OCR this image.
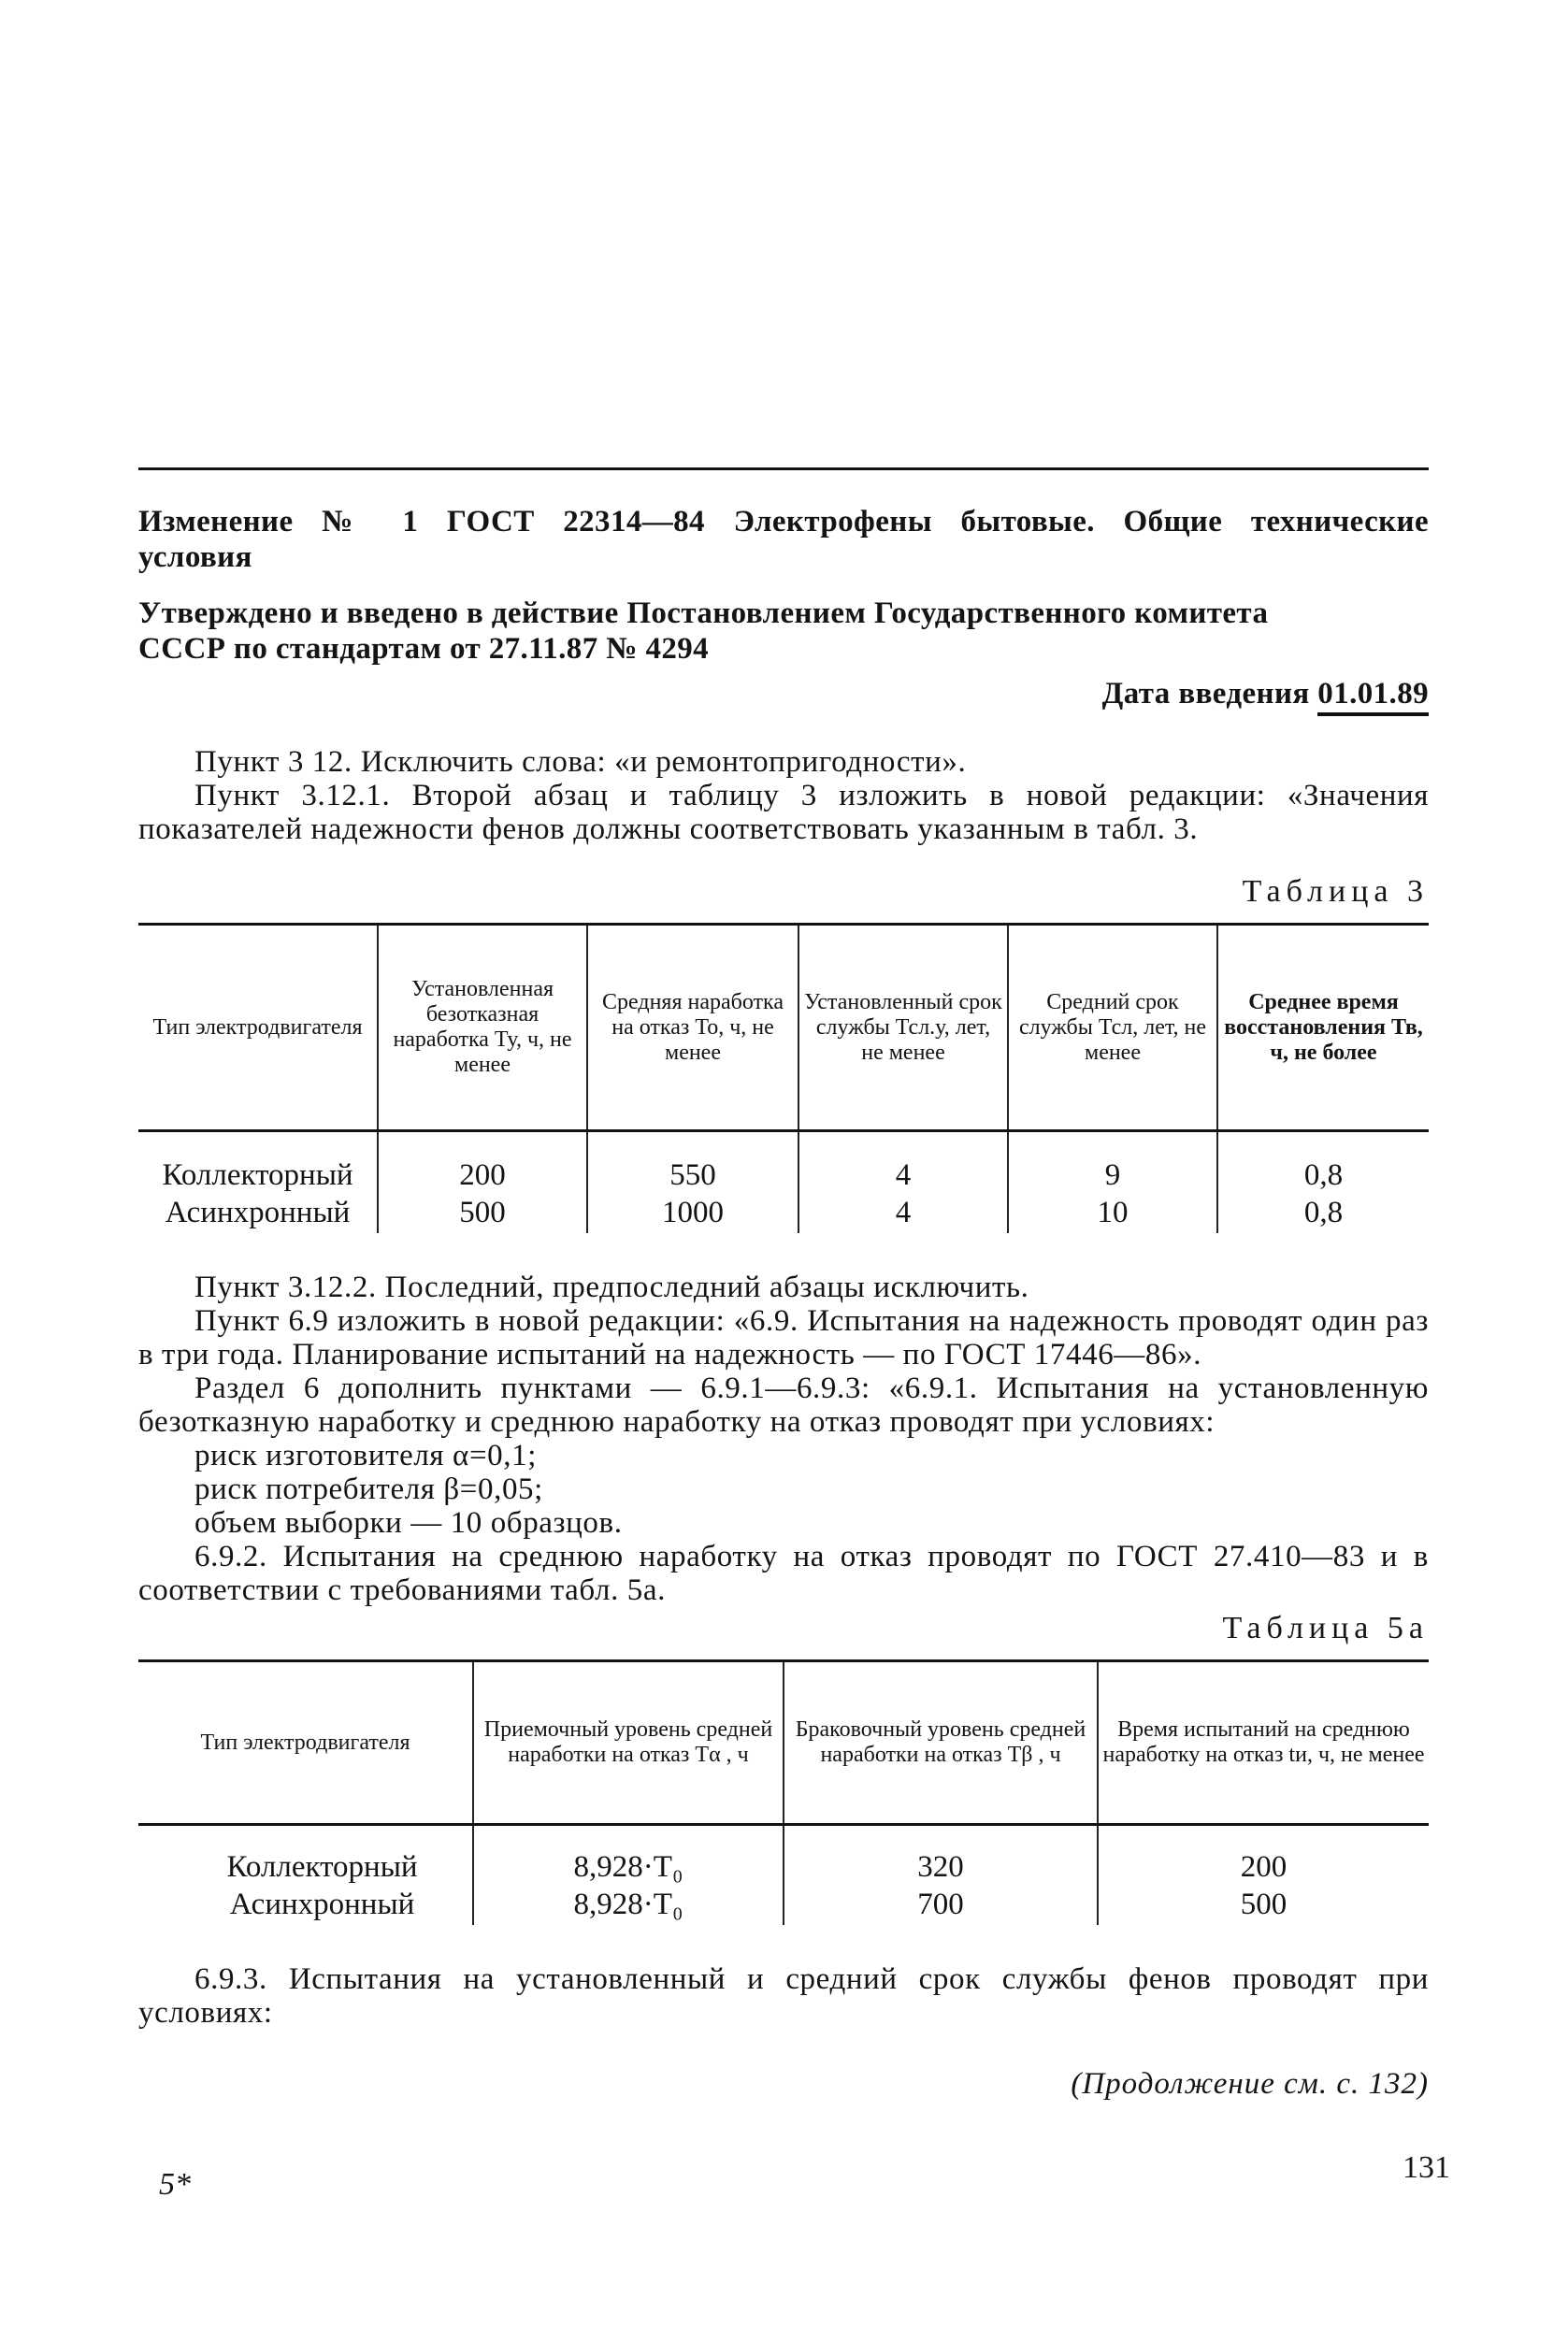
Изменение № 1 ГОСТ 22314—84 Электрофены бытовые. Общие технические
условия
Утверждено и введено в действие Постановлением Государственного комитета
СССР по стандартам от 27.11.87 № 4294
Дата введения 01.01.89

Пункт 3 12. Исключить слова: «и ремонтопригодности».

Пункт 3.12.1. Второй абзац и таблицу 3 изложить в новой редакции: «Значения показателей надежности фенов должны соответствовать указанным в табл. 3.

Таблица 3
Тип электродвигателя	Установленная безотказная наработка Ту, ч, не менее	Средняя наработка на отказ То, ч, не менее	Установленный срок службы Тсл.у, лет, не менее	Средний срок службы Тсл, лет, не менее	Среднее время восстановления Тв, ч, не более
Коллекторный	200	550	4	9	0,8
Асинхронный	500	1000	4	10	0,8

Пункт 3.12.2. Последний, предпоследний абзацы исключить.

Пункт 6.9 изложить в новой редакции: «6.9. Испытания на надежность проводят один раз в три года. Планирование испытаний на надежность — по ГОСТ 17446—86».

Раздел 6 дополнить пунктами — 6.9.1—6.9.3: «6.9.1. Испытания на установленную безотказную наработку и среднюю наработку на отказ проводят при условиях:

риск изготовителя α=0,1;

риск потребителя β=0,05;

объем выборки — 10 образцов.

6.9.2. Испытания на среднюю наработку на отказ проводят по ГОСТ 27.410—83 и в соответствии с требованиями табл. 5а.

Таблица 5а
Тип электродвигателя	Приемочный уровень средней наработки на отказ Тα , ч	Браковочный уровень средней наработки на отказ Тβ , ч	Время испытаний на среднюю наработку на отказ tи, ч, не менее
Коллекторный	8,928·T₀	320	200
Асинхронный	8,928·T₀	700	500

6.9.3. Испытания на установленный и средний срок службы фенов проводят при условиях:

(Продолжение см. с. 132)
5*	131
